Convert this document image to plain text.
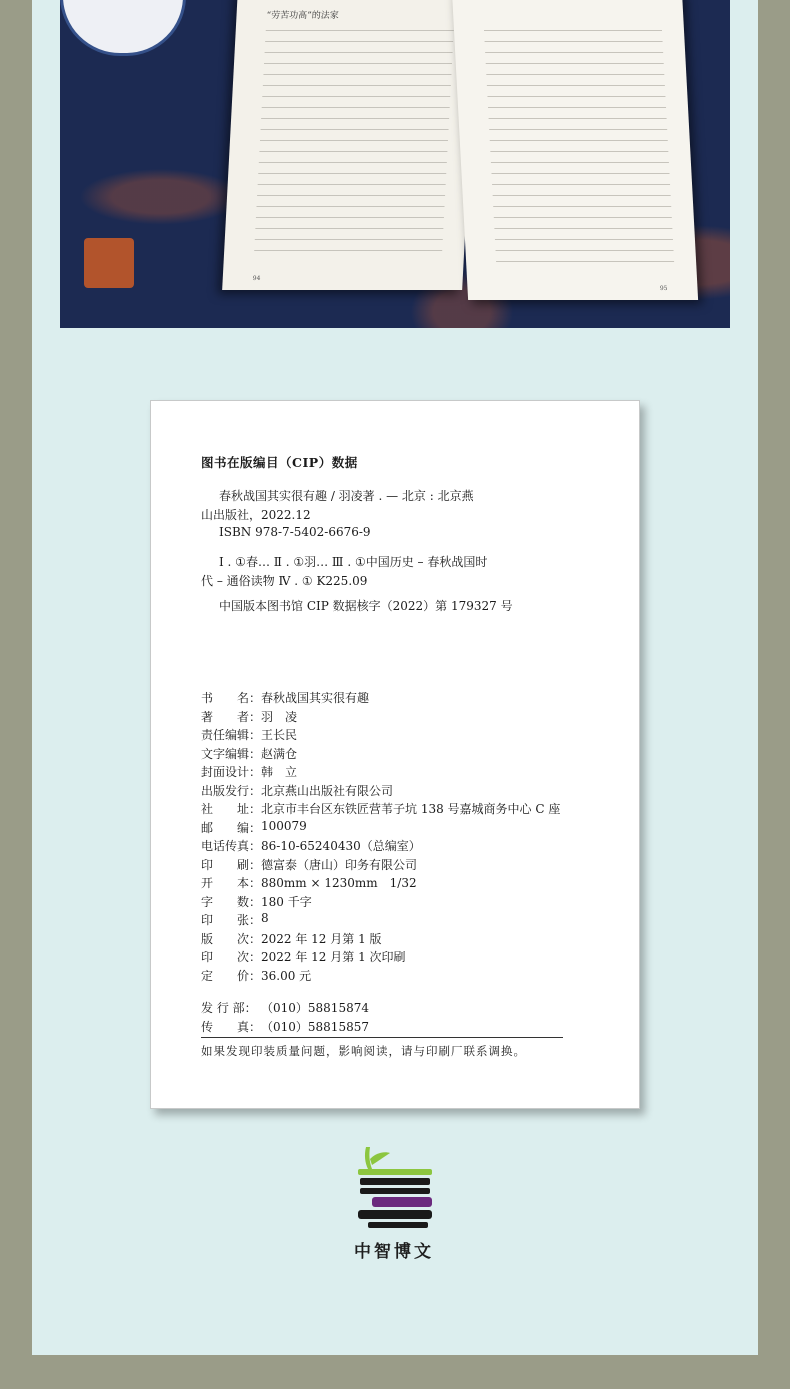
“劳苦功高”的法家
94
95
图书在版编目（CIP）数据
春秋战国其实很有趣 / 羽凌著 . — 北京 : 北京燕
山出版社，2022.12
ISBN 978-7-5402-6676-9
Ⅰ . ①春… Ⅱ . ①羽… Ⅲ . ①中国历史 – 春秋战国时
代 – 通俗读物 Ⅳ . ① K225.09
中国版本图书馆 CIP 数据核字（2022）第 179327 号
书　　名： 春秋战国其实很有趣
著　　者： 羽　凌
责任编辑： 王长民
文字编辑： 赵满仓
封面设计： 韩　立
出版发行： 北京燕山出版社有限公司
社　　址： 北京市丰台区东铁匠营苇子坑 138 号嘉城商务中心 C 座
邮　　编： 100079
电话传真： 86-10-65240430（总编室）
印　　刷： 德富泰（唐山）印务有限公司
开　　本： 880mm × 1230mm　1/32
字　　数： 180 千字
印　　张： 8
版　　次： 2022 年 12 月第 1 版
印　　次： 2022 年 12 月第 1 次印刷
定　　价： 36.00 元
发 行 部： （010）58815874
传　　真： （010）58815857
如果发现印装质量问题，影响阅读，请与印刷厂联系调换。
中智博文
